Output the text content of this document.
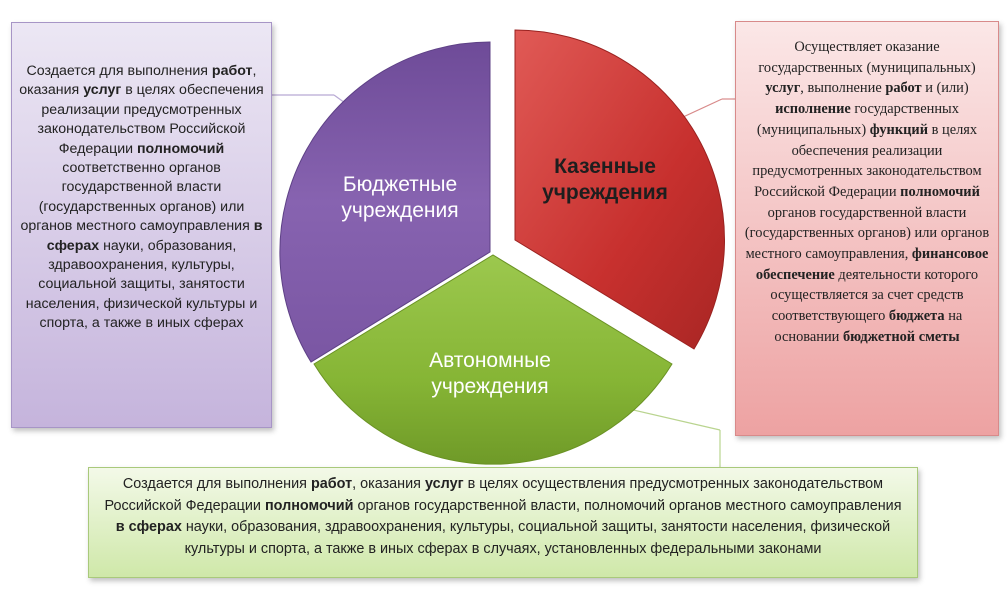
Бюджетные
учреждения
Казенные
учреждения
Автономные
учреждения
Создается для выполнения работ, оказания услуг в целях обеспечения реализации предусмотренных законодательством Российской Федерации полномочий соответственно органов государственной власти (государственных органов) или органов местного самоуправления в сферах науки, образования, здравоохранения, культуры, социальной защиты, занятости населения, физической культуры и спорта, а также в иных сферах
Осуществляет оказание государственных (муниципальных) услуг, выполнение работ и (или) исполнение государственных (муниципальных) функций в целях обеспечения реализации предусмотренных законодательством Российской Федерации полномочий органов государственной власти (государственных органов) или органов местного самоуправления, финансовое обеспечение деятельности которого осуществляется за счет средств соответствующего бюджета на основании бюджетной сметы
Создается для выполнения работ, оказания услуг в целях осуществления предусмотренных законодательством Российской Федерации полномочий органов государственной власти, полномочий органов местного самоуправления в сферах науки, образования, здравоохранения, культуры, социальной защиты, занятости населения, физической культуры и спорта, а также в иных сферах в случаях, установленных федеральными законами
